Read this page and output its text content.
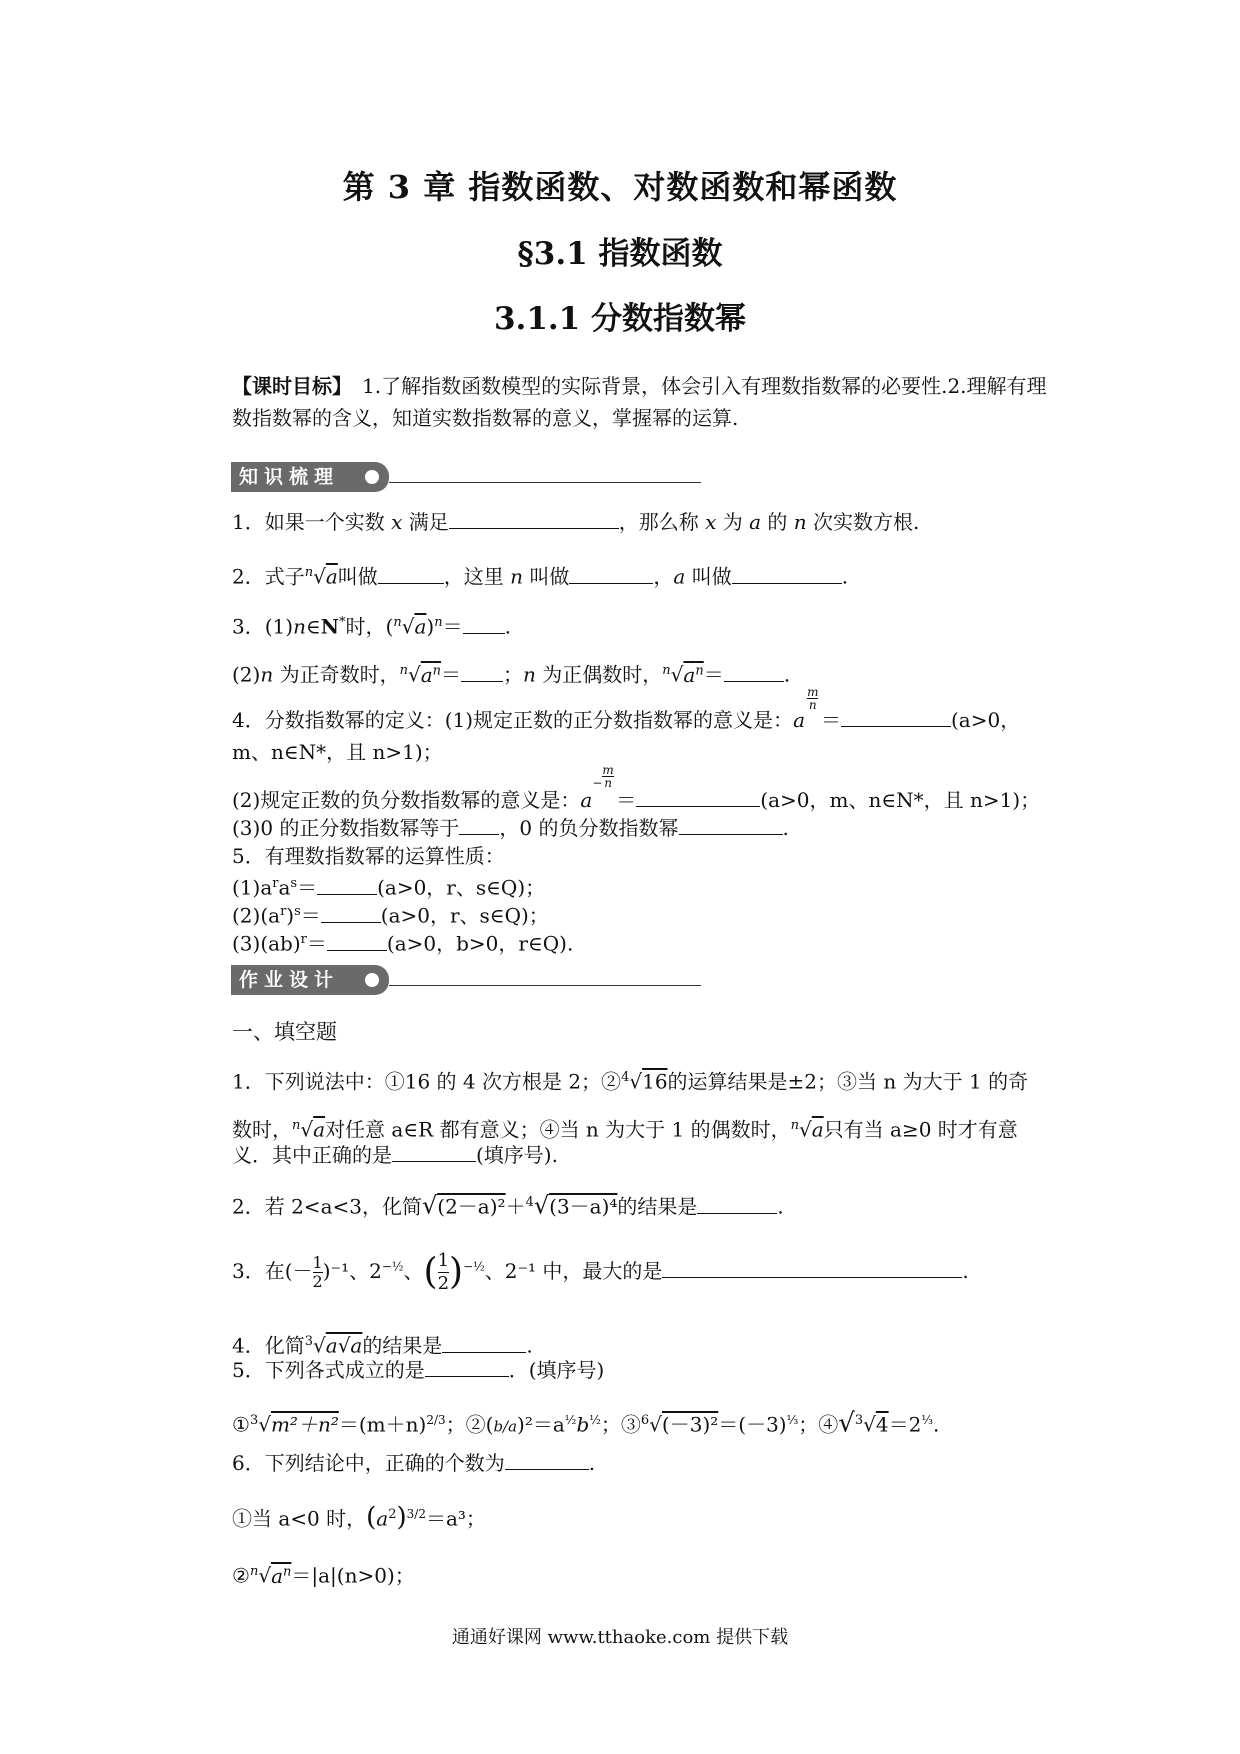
第 3 章 指数函数、对数函数和幂函数
§3.1 指数函数
3.1.1 分数指数幂
【课时目标】 1.了解指数函数模型的实际背景，体会引入有理数指数幂的必要性.2.理解有理数指数幂的含义，知道实数指数幂的意义，掌握幂的运算.
知识梳理
1．如果一个实数 x 满足	，那么称 x 为 a 的 n 次实数方根.
2．式子$^n$√a叫做	，这里 n 叫做	，a 叫做	.
3．(1)n∈N*时，$(^n√a)^n=$ .
(2)n 为正奇数时，$^n√a^n=$ ；n 为正偶数时，$^n√a^n=$	.
4．分数指数幂的定义：(1)规定正数的正分数指数幂的意义是：a
m
n
＝	(a>0，
m、n∈N*，且 n>1)；
(2)规定正数的负分数指数幂的意义是：a
−
m
n
＝	(a>0，m、n∈N*，且 n>1)；
(3)0 的正分数指数幂等于 ，0 的负分数指数幂	.
5．有理数指数幂的运算性质：
$(1)a^ra^s=$	(a>0，r、s∈Q)；
$(2)(a^r)^s=$	(a>0，r、s∈Q)；
(3)(ab)$^r$＝	(a>0，b>0，r∈Q).
作业设计
一、填空题
1．下列说法中：①16 的 4 次方根是 2；②$^4$√16的运算结果是±2；③当 n 为大于 1 的奇
数时，$^n$√a对任意 a∈R 都有意义；④当 n 为大于 1 的偶数时，$^n$√a只有当 a≥0 时才有意
义．其中正确的是	(填序号).
2．若 2<a<3，化简√(2－a)²＋$^4$√(3－a)⁴的结果是	.
3．在(－ 1
2)⁻¹、$2^{-\frac{1}{2}}$、( 1
2)$^{-\frac{1}{2}}$、2⁻¹ 中，最大的是	.
4．化简$^3$√a√a的结果是	.
5．下列各式成立的是	．(填序号)
$①^3√m^2+n^2=(m+n)^{2/3}$；$②(b/a)^2=a^{\frac{1}{2}}b^{\frac{1}{2}}$；$③^6√(-3)^2=(-3)^{\frac{1}{3}}$；$④√^3√4=2^{\frac{1}{3}}$.
6．下列结论中，正确的个数为	.
①当 a<0 时，$(a^2)^{3/2}=a^3$；
$②^n√a^n=|a|(n>0)$；
通通好课网 www.tthaoke.com 提供下载
